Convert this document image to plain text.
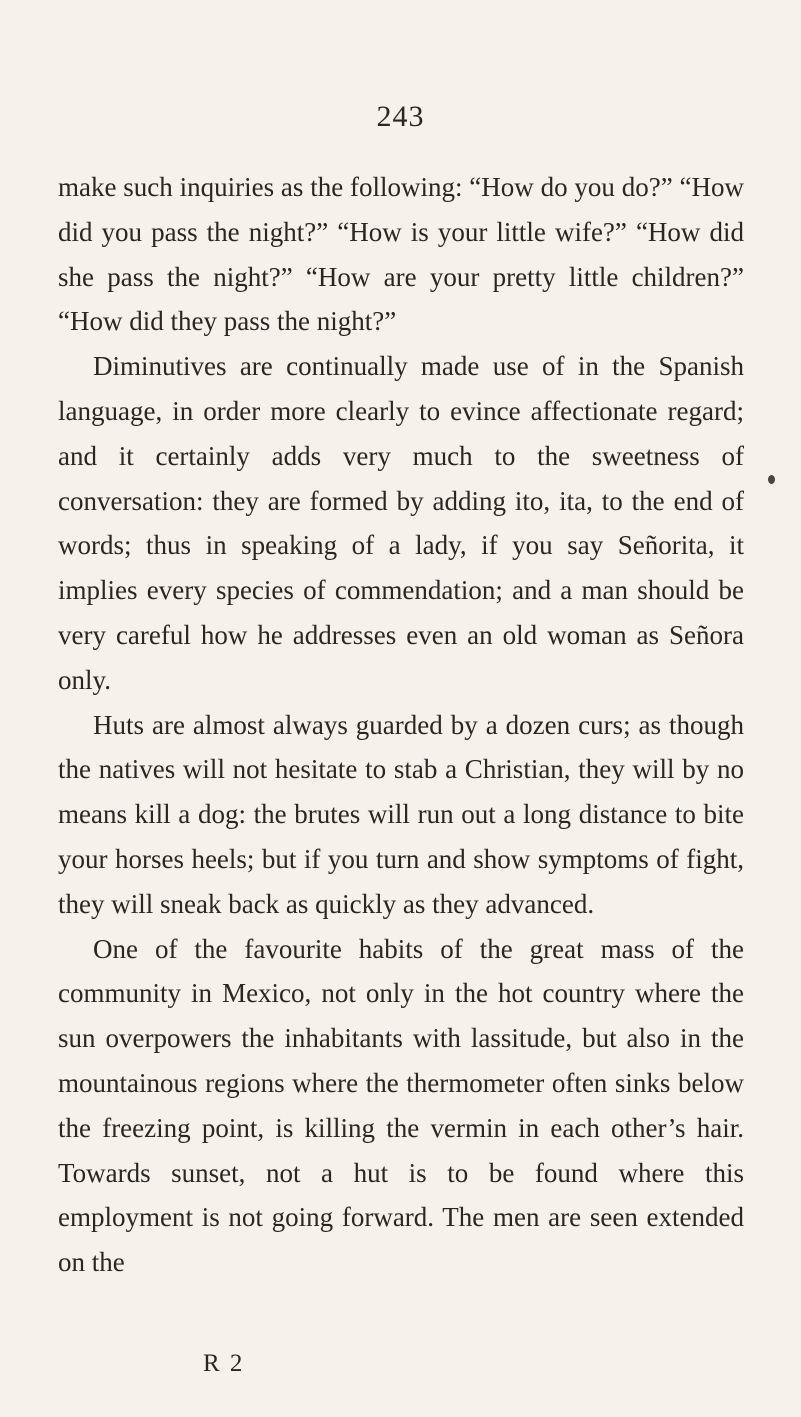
243

make such inquiries as the following: “How do you do?” “How did you pass the night?” “How is your little wife?” “How did she pass the night?” “How are your pretty little children?” “How did they pass the night?”

Diminutives are continually made use of in the Spanish language, in order more clearly to evince affectionate regard; and it certainly adds very much to the sweetness of conversation: they are formed by adding ito, ita, to the end of words; thus in speaking of a lady, if you say Señorita, it implies every species of commendation; and a man should be very careful how he addresses even an old woman as Señora only.

Huts are almost always guarded by a dozen curs; as though the natives will not hesitate to stab a Christian, they will by no means kill a dog: the brutes will run out a long distance to bite your horses heels; but if you turn and show symptoms of fight, they will sneak back as quickly as they advanced.

One of the favourite habits of the great mass of the community in Mexico, not only in the hot country where the sun overpowers the inhabitants with lassitude, but also in the mountainous regions where the thermometer often sinks below the freezing point, is killing the vermin in each other’s hair. Towards sunset, not a hut is to be found where this employment is not going forward. The men are seen extended on the

R 2
